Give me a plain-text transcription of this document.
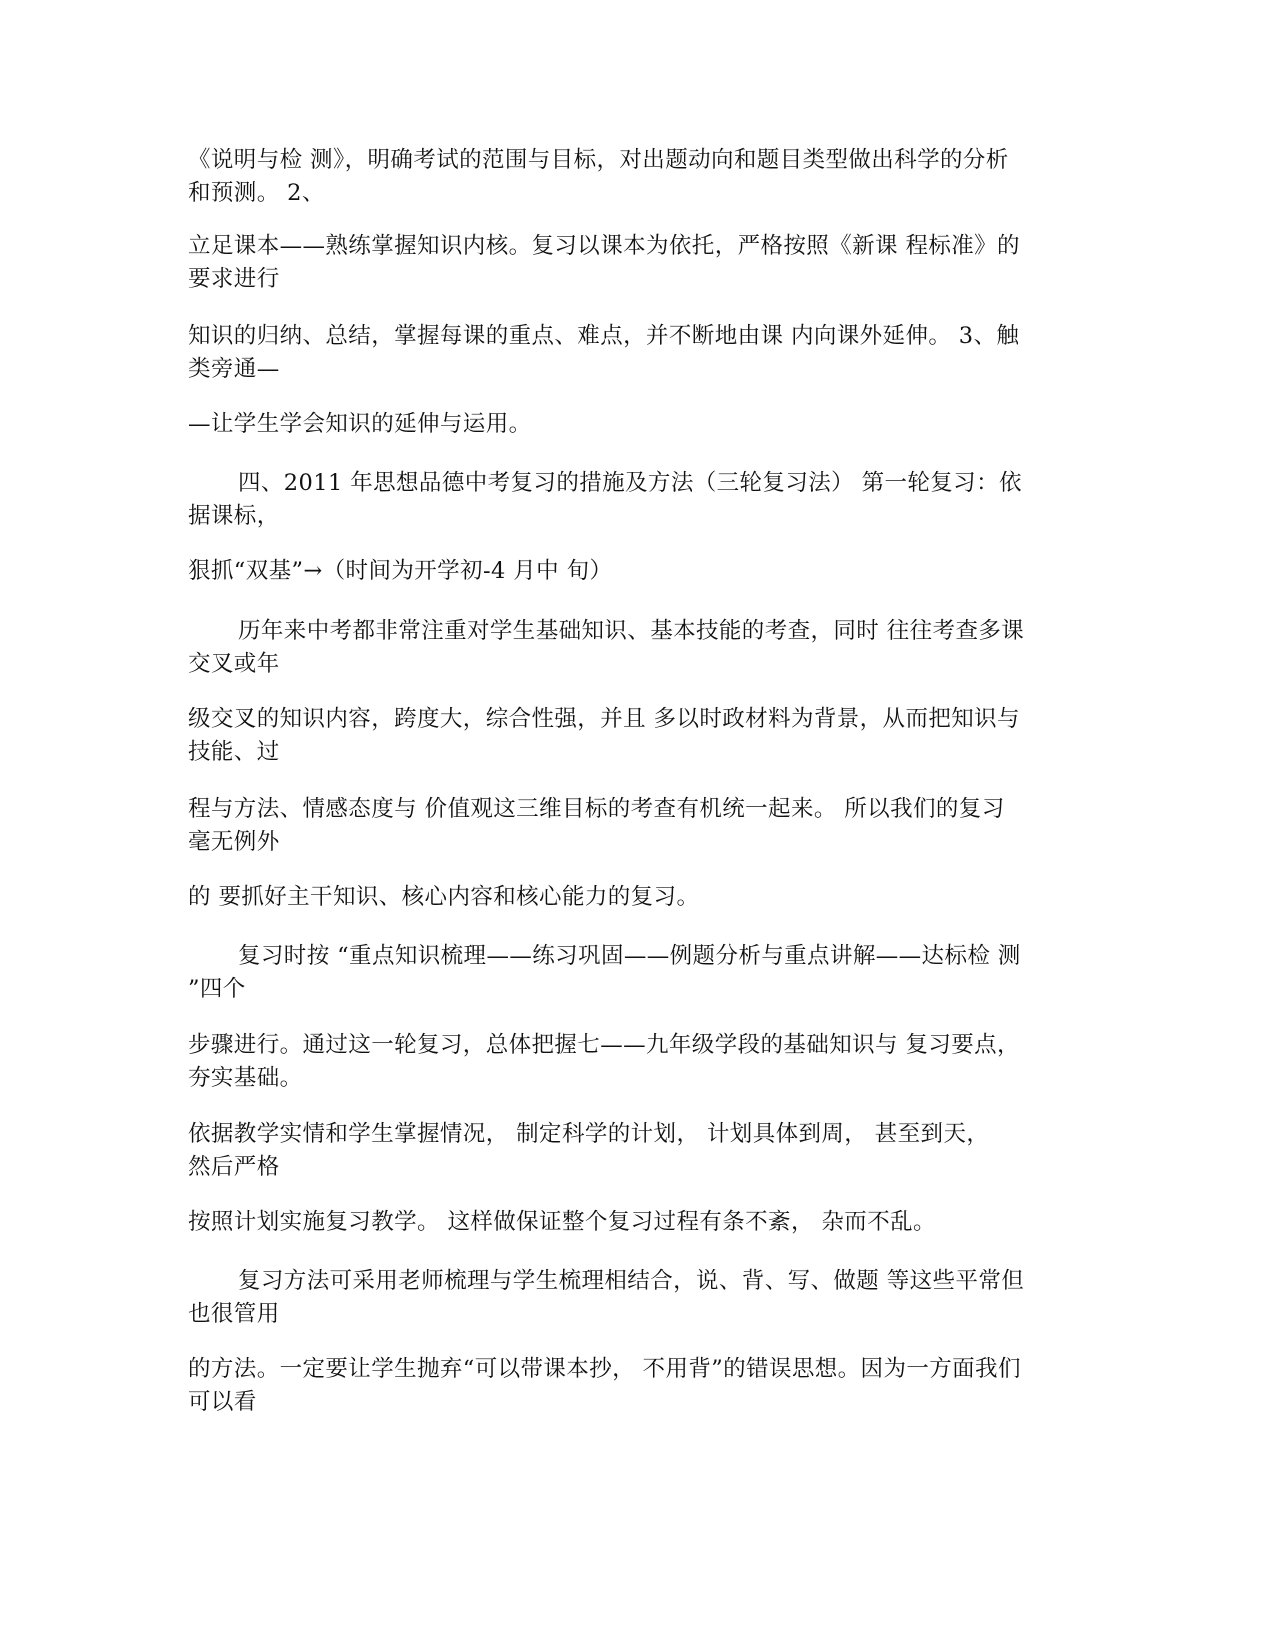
《说明与检 测》，明确考试的范围与目标，对出题动向和题目类型做出科学的分析
和预测。 2、
立足课本——熟练掌握知识内核。复习以课本为依托，严格按照《新课 程标准》的
要求进行
知识的归纳、总结，掌握每课的重点、难点，并不断地由课 内向课外延伸。 3、触
类旁通—
—让学生学会知识的延伸与运用。
四、2011 年思想品德中考复习的措施及方法（三轮复习法） 第一轮复习：依
据课标，
狠抓“双基”→（时间为开学初-4 月中 旬）
历年来中考都非常注重对学生基础知识、基本技能的考查，同时 往往考查多课
交叉或年
级交叉的知识内容，跨度大，综合性强，并且 多以时政材料为背景，从而把知识与
技能、过
程与方法、情感态度与 价值观这三维目标的考查有机统一起来。 所以我们的复习
毫无例外
的 要抓好主干知识、核心内容和核心能力的复习。
复习时按 “重点知识梳理——练习巩固——例题分析与重点讲解——达标检 测
”四个
步骤进行。通过这一轮复习，总体把握七——九年级学段的基础知识与 复习要点，
夯实基础。
依据教学实情和学生掌握情况， 制定科学的计划， 计划具体到周， 甚至到天，
然后严格
按照计划实施复习教学。 这样做保证整个复习过程有条不紊， 杂而不乱。
复习方法可采用老师梳理与学生梳理相结合，说、背、写、做题 等这些平常但
也很管用
的方法。一定要让学生抛弃“可以带课本抄， 不用背”的错误思想。因为一方面我们
可以看
